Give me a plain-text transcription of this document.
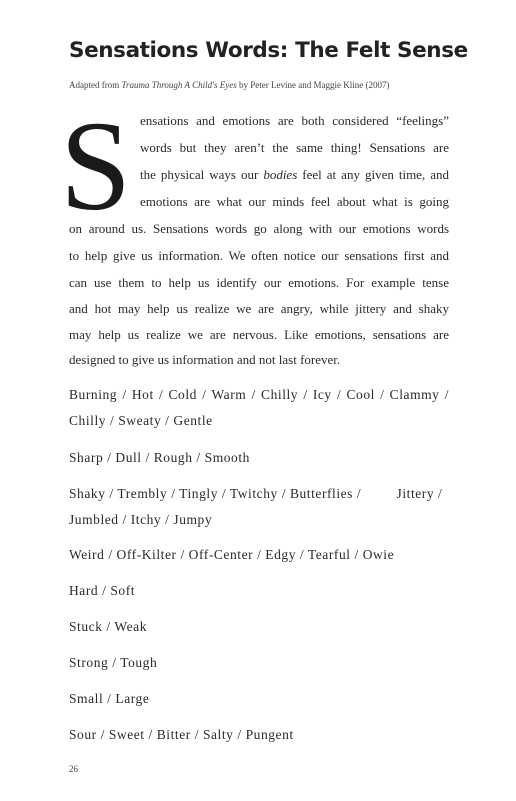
Sensations Words: The Felt Sense

Adapted from Trauma Through A Child's Eyes by Peter Levine and Maggie Kline (2007)

S ensations and emotions are both considered “feelings”

words but they aren’t the same thing! Sensations are

the physical ways our bodies feel at any given time, and

emotions are what our minds feel about what is going

on around us. Sensations words go along with our emotions words

to help give us information. We often notice our sensations first and

can use them to help us identify our emotions. For example tense

and hot may help us realize we are angry, while jittery and shaky

may help us realize we are nervous. Like emotions, sensations are

designed to give us information and not last forever.

Burning / Hot / Cold / Warm / Chilly / Icy / Cool / Clammy /

Chilly / Sweaty / Gentle

Sharp / Dull / Rough / Smooth

Shaky / Trembly / Tingly / Twitchy / Butterflies /         Jittery /

Jumbled / Itchy / Jumpy

Weird / Off-Kilter / Off-Center / Edgy / Tearful / Owie

Hard / Soft

Stuck / Weak

Strong / Tough

Small / Large

Sour / Sweet / Bitter / Salty / Pungent

26
